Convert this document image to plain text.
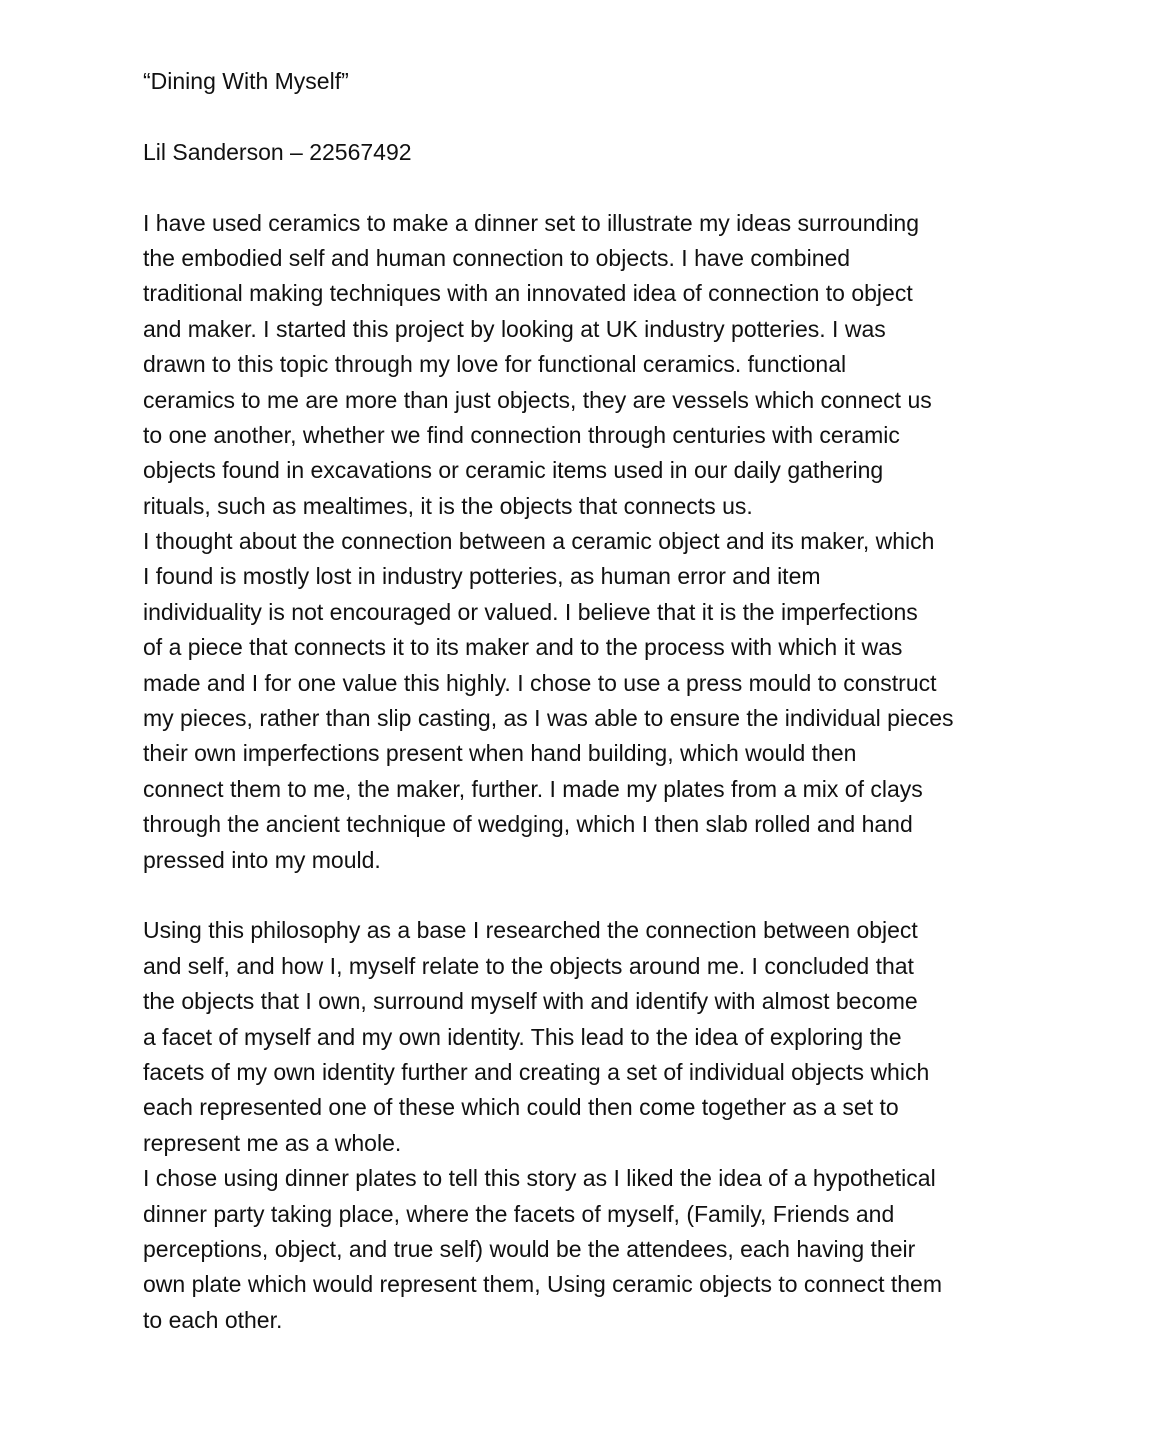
“Dining With Myself”
Lil Sanderson – 22567492
I have used ceramics to make a dinner set to illustrate my ideas surrounding
the embodied self and human connection to objects. I have combined
traditional making techniques with an innovated idea of connection to object
and maker. I started this project by looking at UK industry potteries. I was
drawn to this topic through my love for functional ceramics. functional
ceramics to me are more than just objects, they are vessels which connect us
to one another, whether we find connection through centuries with ceramic
objects found in excavations or ceramic items used in our daily gathering
rituals, such as mealtimes, it is the objects that connects us.
I thought about the connection between a ceramic object and its maker, which
I found is mostly lost in industry potteries, as human error and item
individuality is not encouraged or valued. I believe that it is the imperfections
of a piece that connects it to its maker and to the process with which it was
made and I for one value this highly. I chose to use a press mould to construct
my pieces, rather than slip casting, as I was able to ensure the individual pieces
their own imperfections present when hand building, which would then
connect them to me, the maker, further. I made my plates from a mix of clays
through the ancient technique of wedging, which I then slab rolled and hand
pressed into my mould.
Using this philosophy as a base I researched the connection between object
and self, and how I, myself relate to the objects around me. I concluded that
the objects that I own, surround myself with and identify with almost become
a facet of myself and my own identity. This lead to the idea of exploring the
facets of my own identity further and creating a set of individual objects which
each represented one of these which could then come together as a set to
represent me as a whole.
I chose using dinner plates to tell this story as I liked the idea of a hypothetical
dinner party taking place, where the facets of myself, (Family, Friends and
perceptions, object, and true self) would be the attendees, each having their
own plate which would represent them, Using ceramic objects to connect them
to each other.
